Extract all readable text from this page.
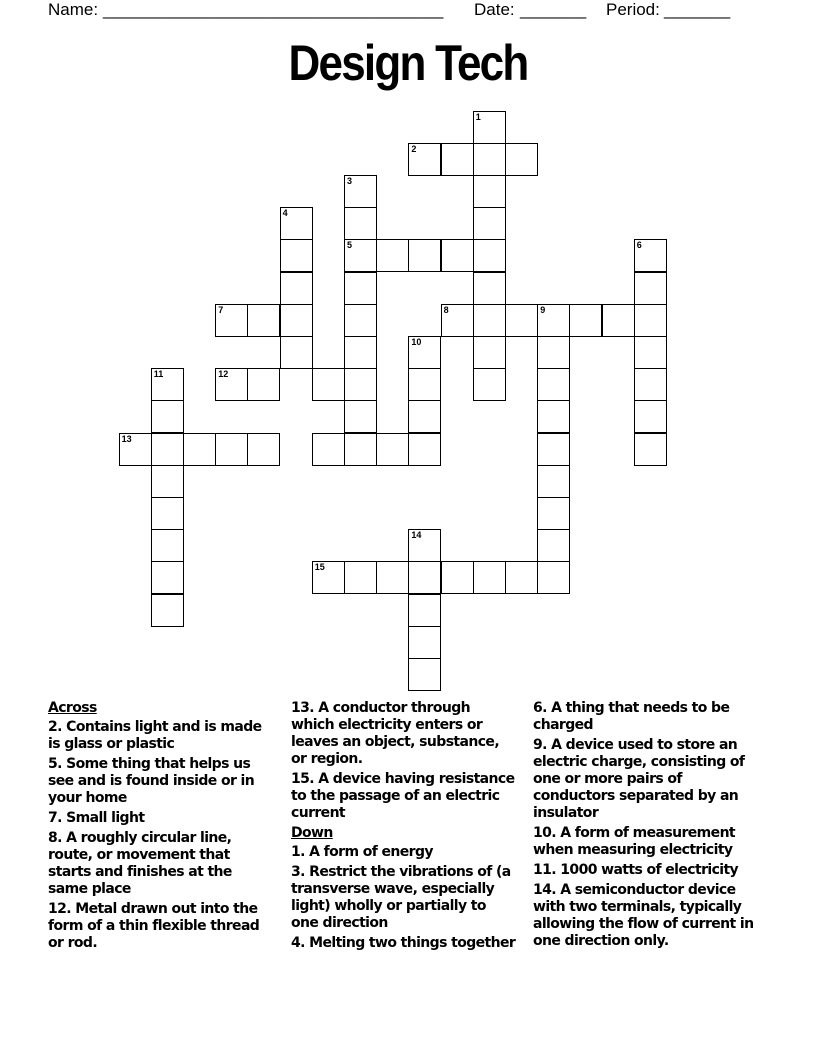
Name: ____________________________________ Date: _______ Period: _______
Design Tech
1
2
3
5
4
6
7	8	9
10
11	12
13
15
14
Across
2. Contains light and is made is glass or plastic
5. Some thing that helps us see and is found inside or in your home
7. Small light
8. A roughly circular line, route, or movement that starts and finishes at the same place
12. Metal drawn out into the form of a thin flexible thread or rod.
13. A conductor through which electricity enters or leaves an object, substance, or region.
15. A device having resistance to the passage of an electric current
Down
1. A form of energy
3. Restrict the vibrations of (a transverse wave, especially light) wholly or partially to one direction
4. Melting two things together
6. A thing that needs to be charged
9. A device used to store an electric charge, consisting of one or more pairs of conductors separated by an insulator
10. A form of measurement when measuring electricity
11. 1000 watts of electricity
14. A semiconductor device with two terminals, typically allowing the flow of current in one direction only.
